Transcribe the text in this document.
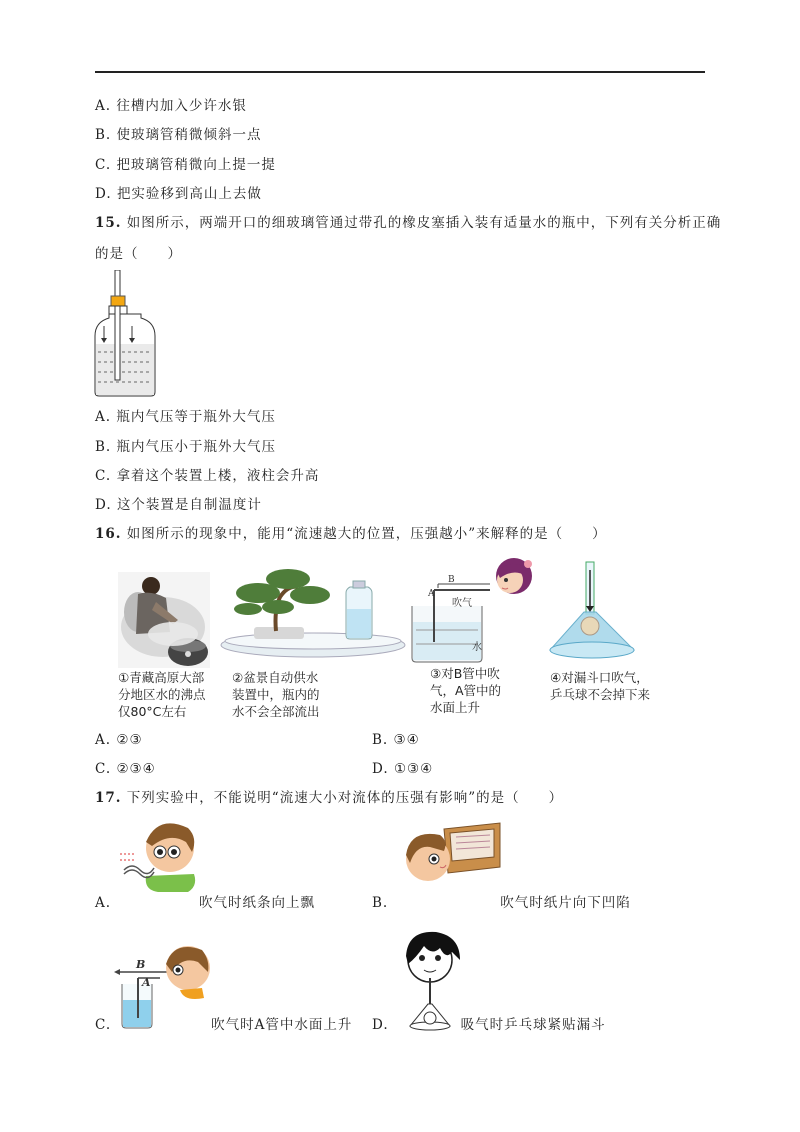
A. 往槽内加入少许水银
B. 使玻璃管稍微倾斜一点
C. 把玻璃管稍微向上提一提
D. 把实验移到高山上去做
15. 如图所示，两端开口的细玻璃管通过带孔的橡皮塞插入装有适量水的瓶中，下列有关分析正确
的是（　　）
A. 瓶内气压等于瓶外大气压
B. 瓶内气压小于瓶外大气压
C. 拿着这个装置上楼，液柱会升高
D. 这个装置是自制温度计
16. 如图所示的现象中，能用“流速越大的位置，压强越小”来解释的是（　　）
①青藏高原大部
分地区水的沸点
仅80°C左右
②盆景自动供水
装置中，瓶内的
水不会全部流出
A
B
吹气
水
③对B管中吹
气，A管中的
水面上升
④对漏斗口吹气，
乒乓球不会掉下来
A. ②③	B. ③④
C. ②③④	D. ①③④
17. 下列实验中，不能说明“流速大小对流体的压强有影响”的是（　　）
A.	吹气时纸条向上飘	B.	吹气时纸片向下凹陷
B
A
C.	吹气时A管中水面上升 D.	吸气时乒乓球紧贴漏斗
